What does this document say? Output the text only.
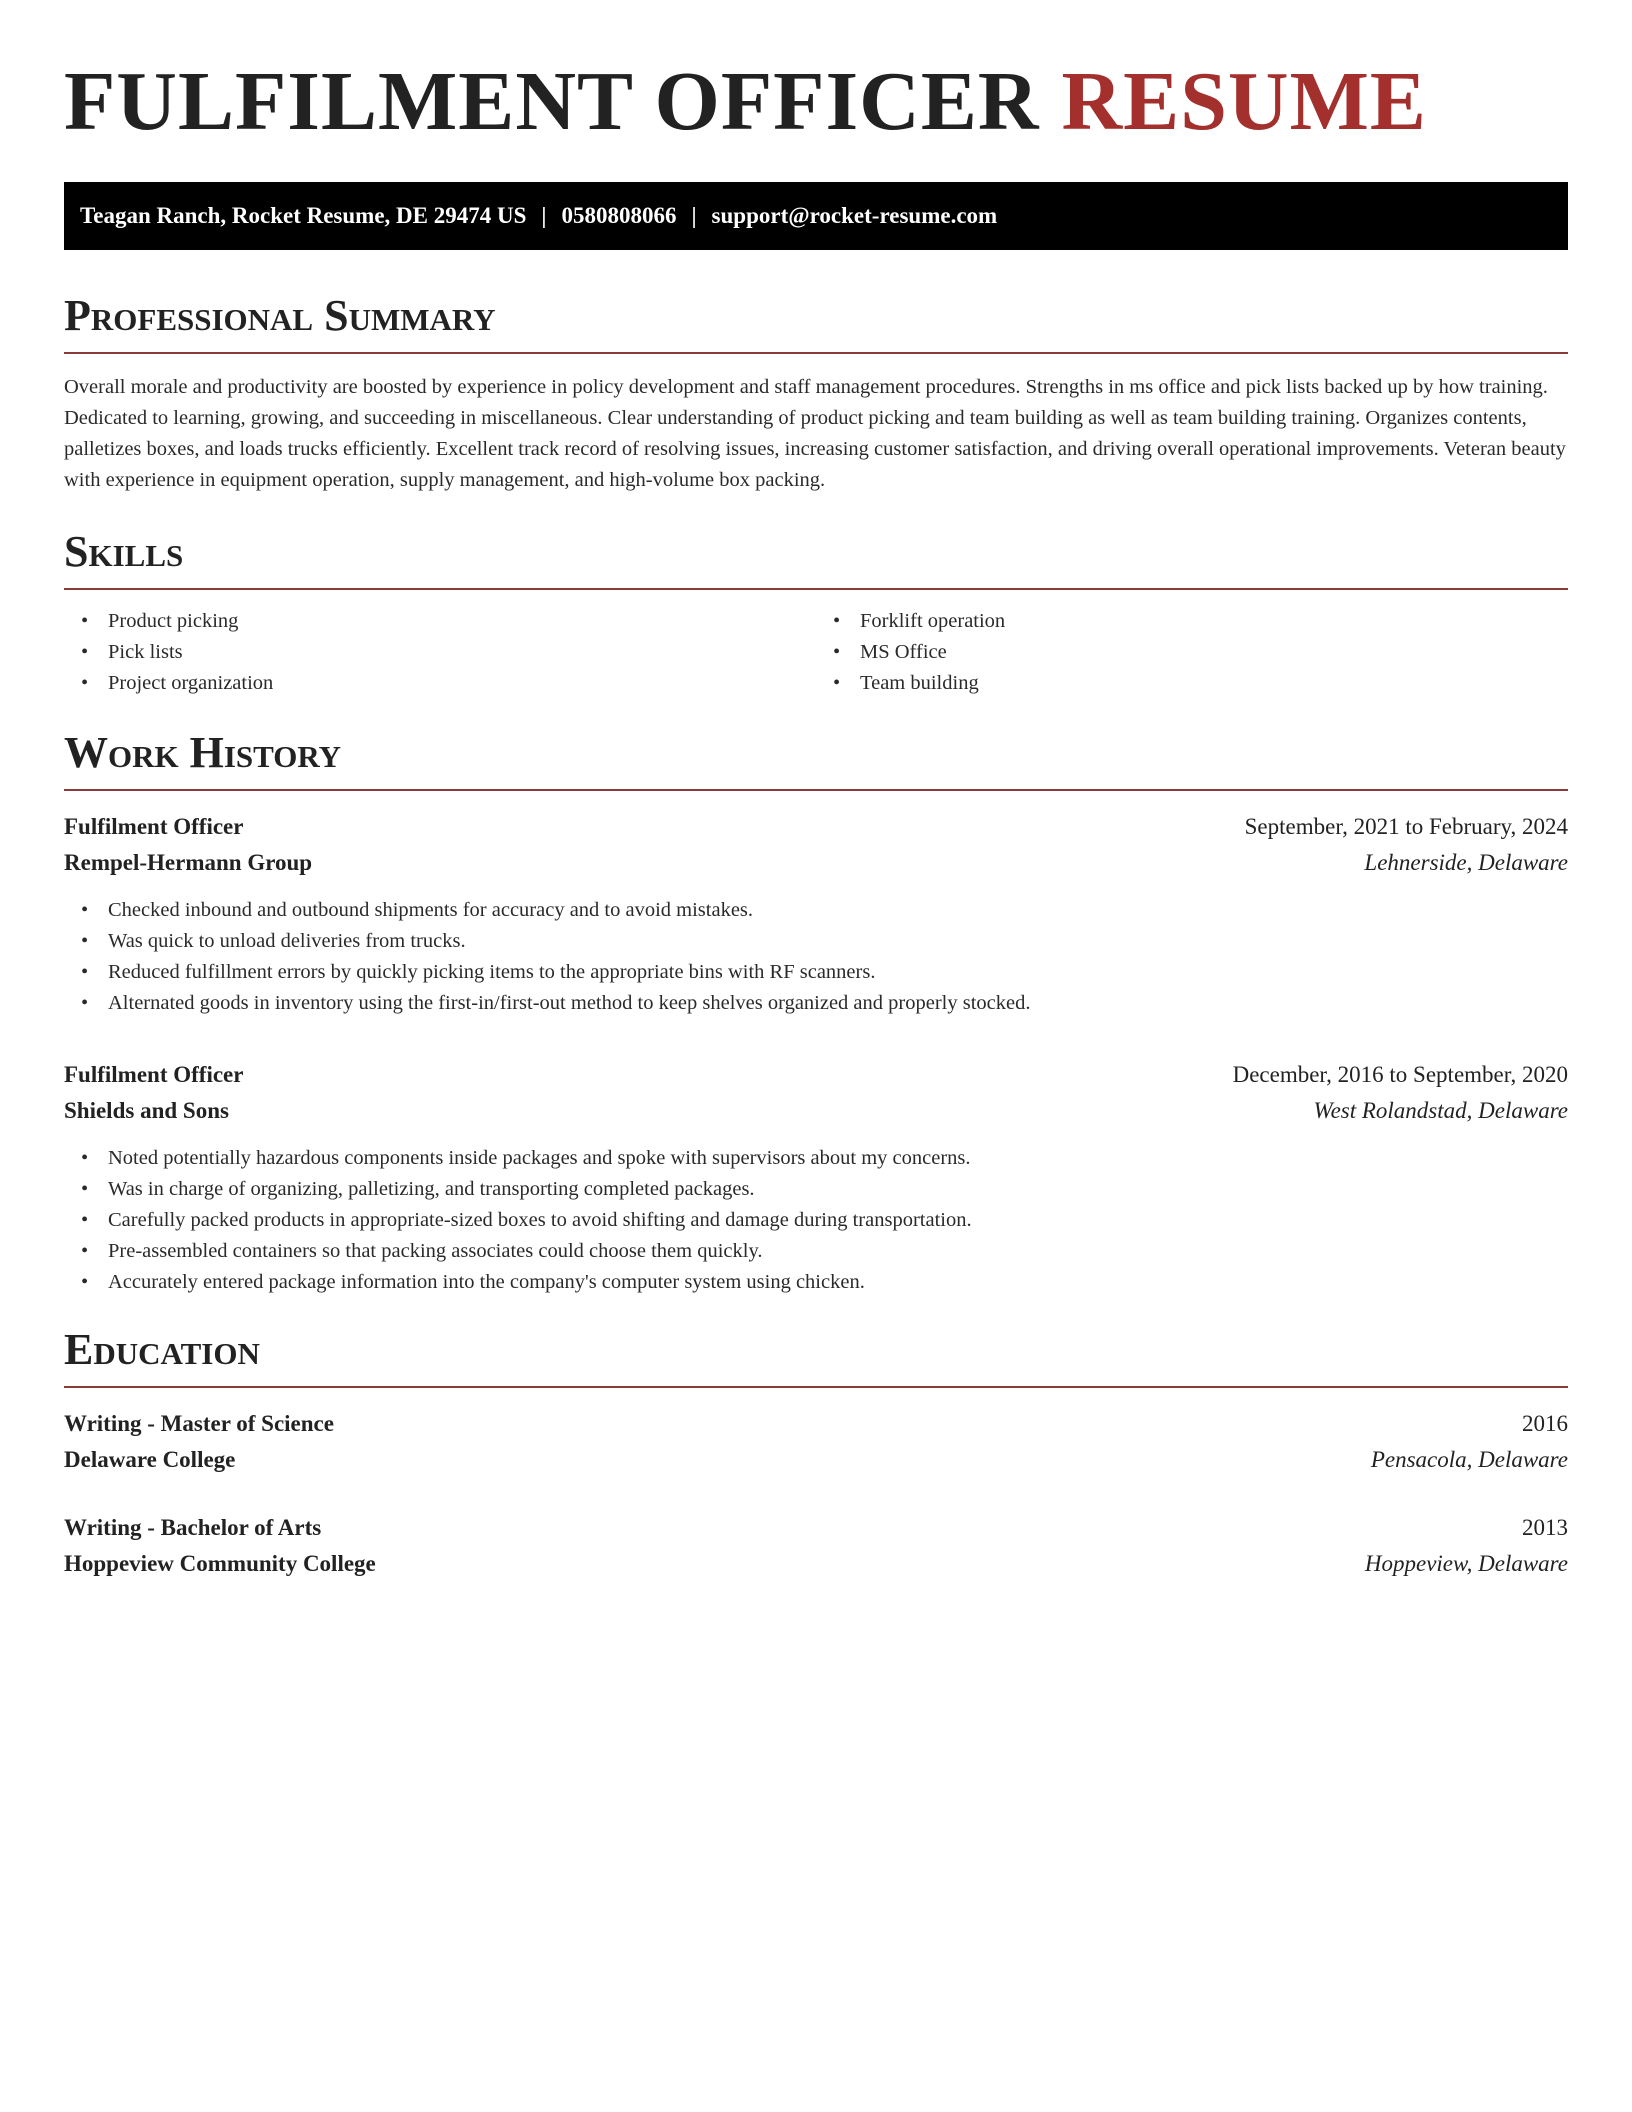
FULFILMENT OFFICER RESUME
Teagan Ranch, Rocket Resume, DE 29474 US | 0580808066 | support@rocket-resume.com
Professional Summary

Overall morale and productivity are boosted by experience in policy development and staff management procedures. Strengths in ms office and pick lists backed up by how training. Dedicated to learning, growing, and succeeding in miscellaneous. Clear understanding of product picking and team building as well as team building training. Organizes contents, palletizes boxes, and loads trucks efficiently. Excellent track record of resolving issues, increasing customer satisfaction, and driving overall operational improvements. Veteran beauty with experience in equipment operation, supply management, and high-volume box packing.

Skills
• Product picking
• Pick lists
• Project organization
• Forklift operation
• MS Office
• Team building
Work History
Fulfilment Officer	September, 2021 to February, 2024
Rempel-Hermann Group	Lehnerside, Delaware
• Checked inbound and outbound shipments for accuracy and to avoid mistakes.
• Was quick to unload deliveries from trucks.
• Reduced fulfillment errors by quickly picking items to the appropriate bins with RF scanners.
• Alternated goods in inventory using the first-in/first-out method to keep shelves organized and properly stocked.
Fulfilment Officer	December, 2016 to September, 2020
Shields and Sons	West Rolandstad, Delaware
• Noted potentially hazardous components inside packages and spoke with supervisors about my concerns.
• Was in charge of organizing, palletizing, and transporting completed packages.
• Carefully packed products in appropriate-sized boxes to avoid shifting and damage during transportation.
• Pre-assembled containers so that packing associates could choose them quickly.
• Accurately entered package information into the company's computer system using chicken.
Education
Writing - Master of Science	2016
Delaware College	Pensacola, Delaware
Writing - Bachelor of Arts	2013
Hoppeview Community College	Hoppeview, Delaware
